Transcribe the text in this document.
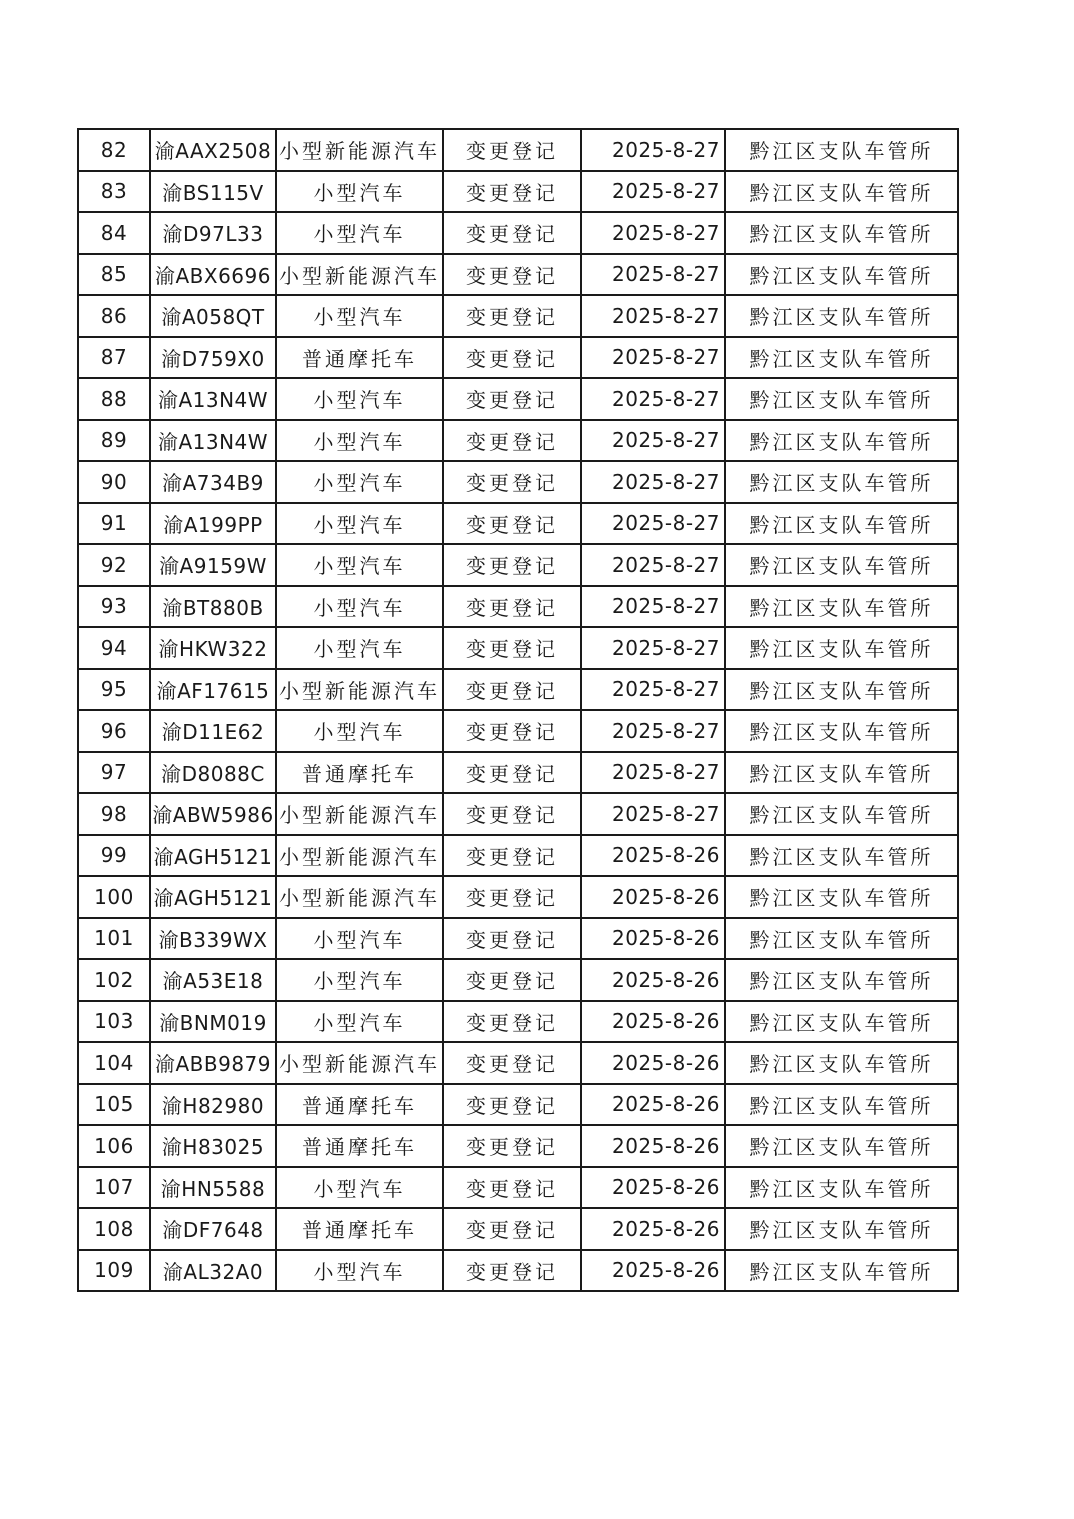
82	渝AAX2508	小型新能源汽车	变更登记	2025-8-27	黔江区支队车管所
83	渝BS115V	小型汽车	变更登记	2025-8-27	黔江区支队车管所
84	渝D97L33	小型汽车	变更登记	2025-8-27	黔江区支队车管所
85	渝ABX6696	小型新能源汽车	变更登记	2025-8-27	黔江区支队车管所
86	渝A058QT	小型汽车	变更登记	2025-8-27	黔江区支队车管所
87	渝D759X0	普通摩托车	变更登记	2025-8-27	黔江区支队车管所
88	渝A13N4W	小型汽车	变更登记	2025-8-27	黔江区支队车管所
89	渝A13N4W	小型汽车	变更登记	2025-8-27	黔江区支队车管所
90	渝A734B9	小型汽车	变更登记	2025-8-27	黔江区支队车管所
91	渝A199PP	小型汽车	变更登记	2025-8-27	黔江区支队车管所
92	渝A9159W	小型汽车	变更登记	2025-8-27	黔江区支队车管所
93	渝BT880B	小型汽车	变更登记	2025-8-27	黔江区支队车管所
94	渝HKW322	小型汽车	变更登记	2025-8-27	黔江区支队车管所
95	渝AF17615	小型新能源汽车	变更登记	2025-8-27	黔江区支队车管所
96	渝D11E62	小型汽车	变更登记	2025-8-27	黔江区支队车管所
97	渝D8088C	普通摩托车	变更登记	2025-8-27	黔江区支队车管所
98	渝ABW5986	小型新能源汽车	变更登记	2025-8-27	黔江区支队车管所
99	渝AGH5121	小型新能源汽车	变更登记	2025-8-26	黔江区支队车管所
100	渝AGH5121	小型新能源汽车	变更登记	2025-8-26	黔江区支队车管所
101	渝B339WX	小型汽车	变更登记	2025-8-26	黔江区支队车管所
102	渝A53E18	小型汽车	变更登记	2025-8-26	黔江区支队车管所
103	渝BNM019	小型汽车	变更登记	2025-8-26	黔江区支队车管所
104	渝ABB9879	小型新能源汽车	变更登记	2025-8-26	黔江区支队车管所
105	渝H82980	普通摩托车	变更登记	2025-8-26	黔江区支队车管所
106	渝H83025	普通摩托车	变更登记	2025-8-26	黔江区支队车管所
107	渝HN5588	小型汽车	变更登记	2025-8-26	黔江区支队车管所
108	渝DF7648	普通摩托车	变更登记	2025-8-26	黔江区支队车管所
109	渝AL32A0	小型汽车	变更登记	2025-8-26	黔江区支队车管所
